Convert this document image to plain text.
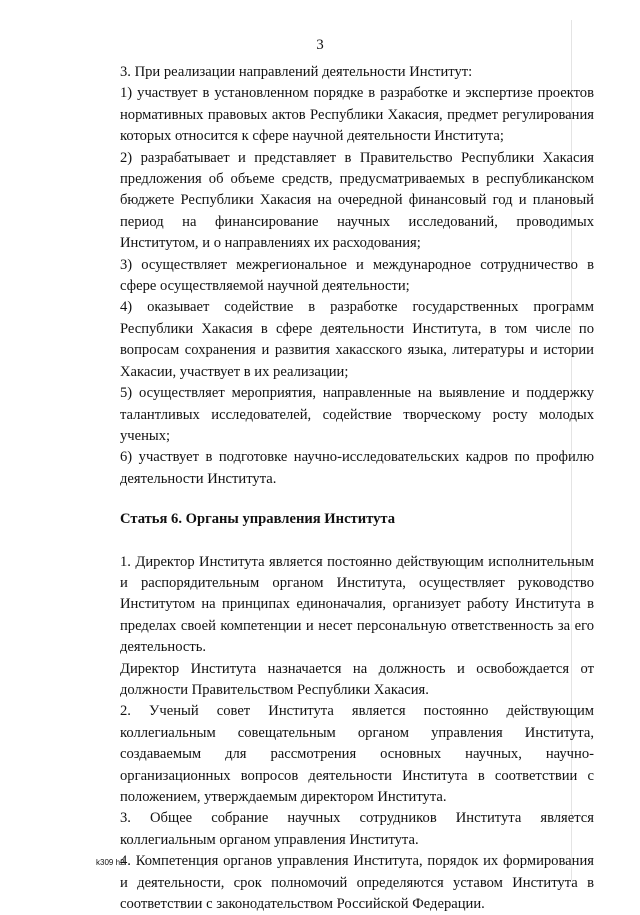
3

3. При реализации направлений деятельности Институт:

1) участвует в установленном порядке в разработке и экспертизе проектов нормативных правовых актов Республики Хакасия, предмет регулирования которых относится к сфере научной деятельности Института;

2) разрабатывает и представляет в Правительство Республики Хакасия предложения об объеме средств, предусматриваемых в республиканском бюджете Республики Хакасия на очередной финансовый год и плановый период на финансирование научных исследований, проводимых Институтом, и о направлениях их расходования;

3) осуществляет межрегиональное и международное сотрудничество в сфере осуществляемой научной деятельности;

4) оказывает содействие в разработке государственных программ Республики Хакасия в сфере деятельности Института, в том числе по вопросам сохранения и развития хакасского языка, литературы и истории Хакасии, участвует в их реализации;

5) осуществляет мероприятия, направленные на выявление и поддержку талантливых исследователей, содействие творческому росту молодых ученых;

6) участвует в подготовке научно-исследовательских кадров по профилю деятельности Института.

Статья 6. Органы управления Института

1. Директор Института является постоянно действующим исполнительным и распорядительным органом Института, осуществляет руководство Институтом на принципах единоначалия, организует работу Института в пределах своей компетенции и несет персональную ответственность за его деятельность.

Директор Института назначается на должность и освобождается от должности Правительством Республики Хакасия.

2. Ученый совет Института является постоянно действующим коллегиальным совещательным органом управления Института, создаваемым для рассмотрения основных научных, научно-организационных вопросов деятельности Института в соответствии с положением, утверждаемым директором Института.

3. Общее собрание научных сотрудников Института является коллегиальным органом управления Института.

4. Компетенция органов управления Института, порядок их формирования и деятельности, срок полномочий определяются уставом Института в соответствии с законодательством Российской Федерации.

k309 h2
